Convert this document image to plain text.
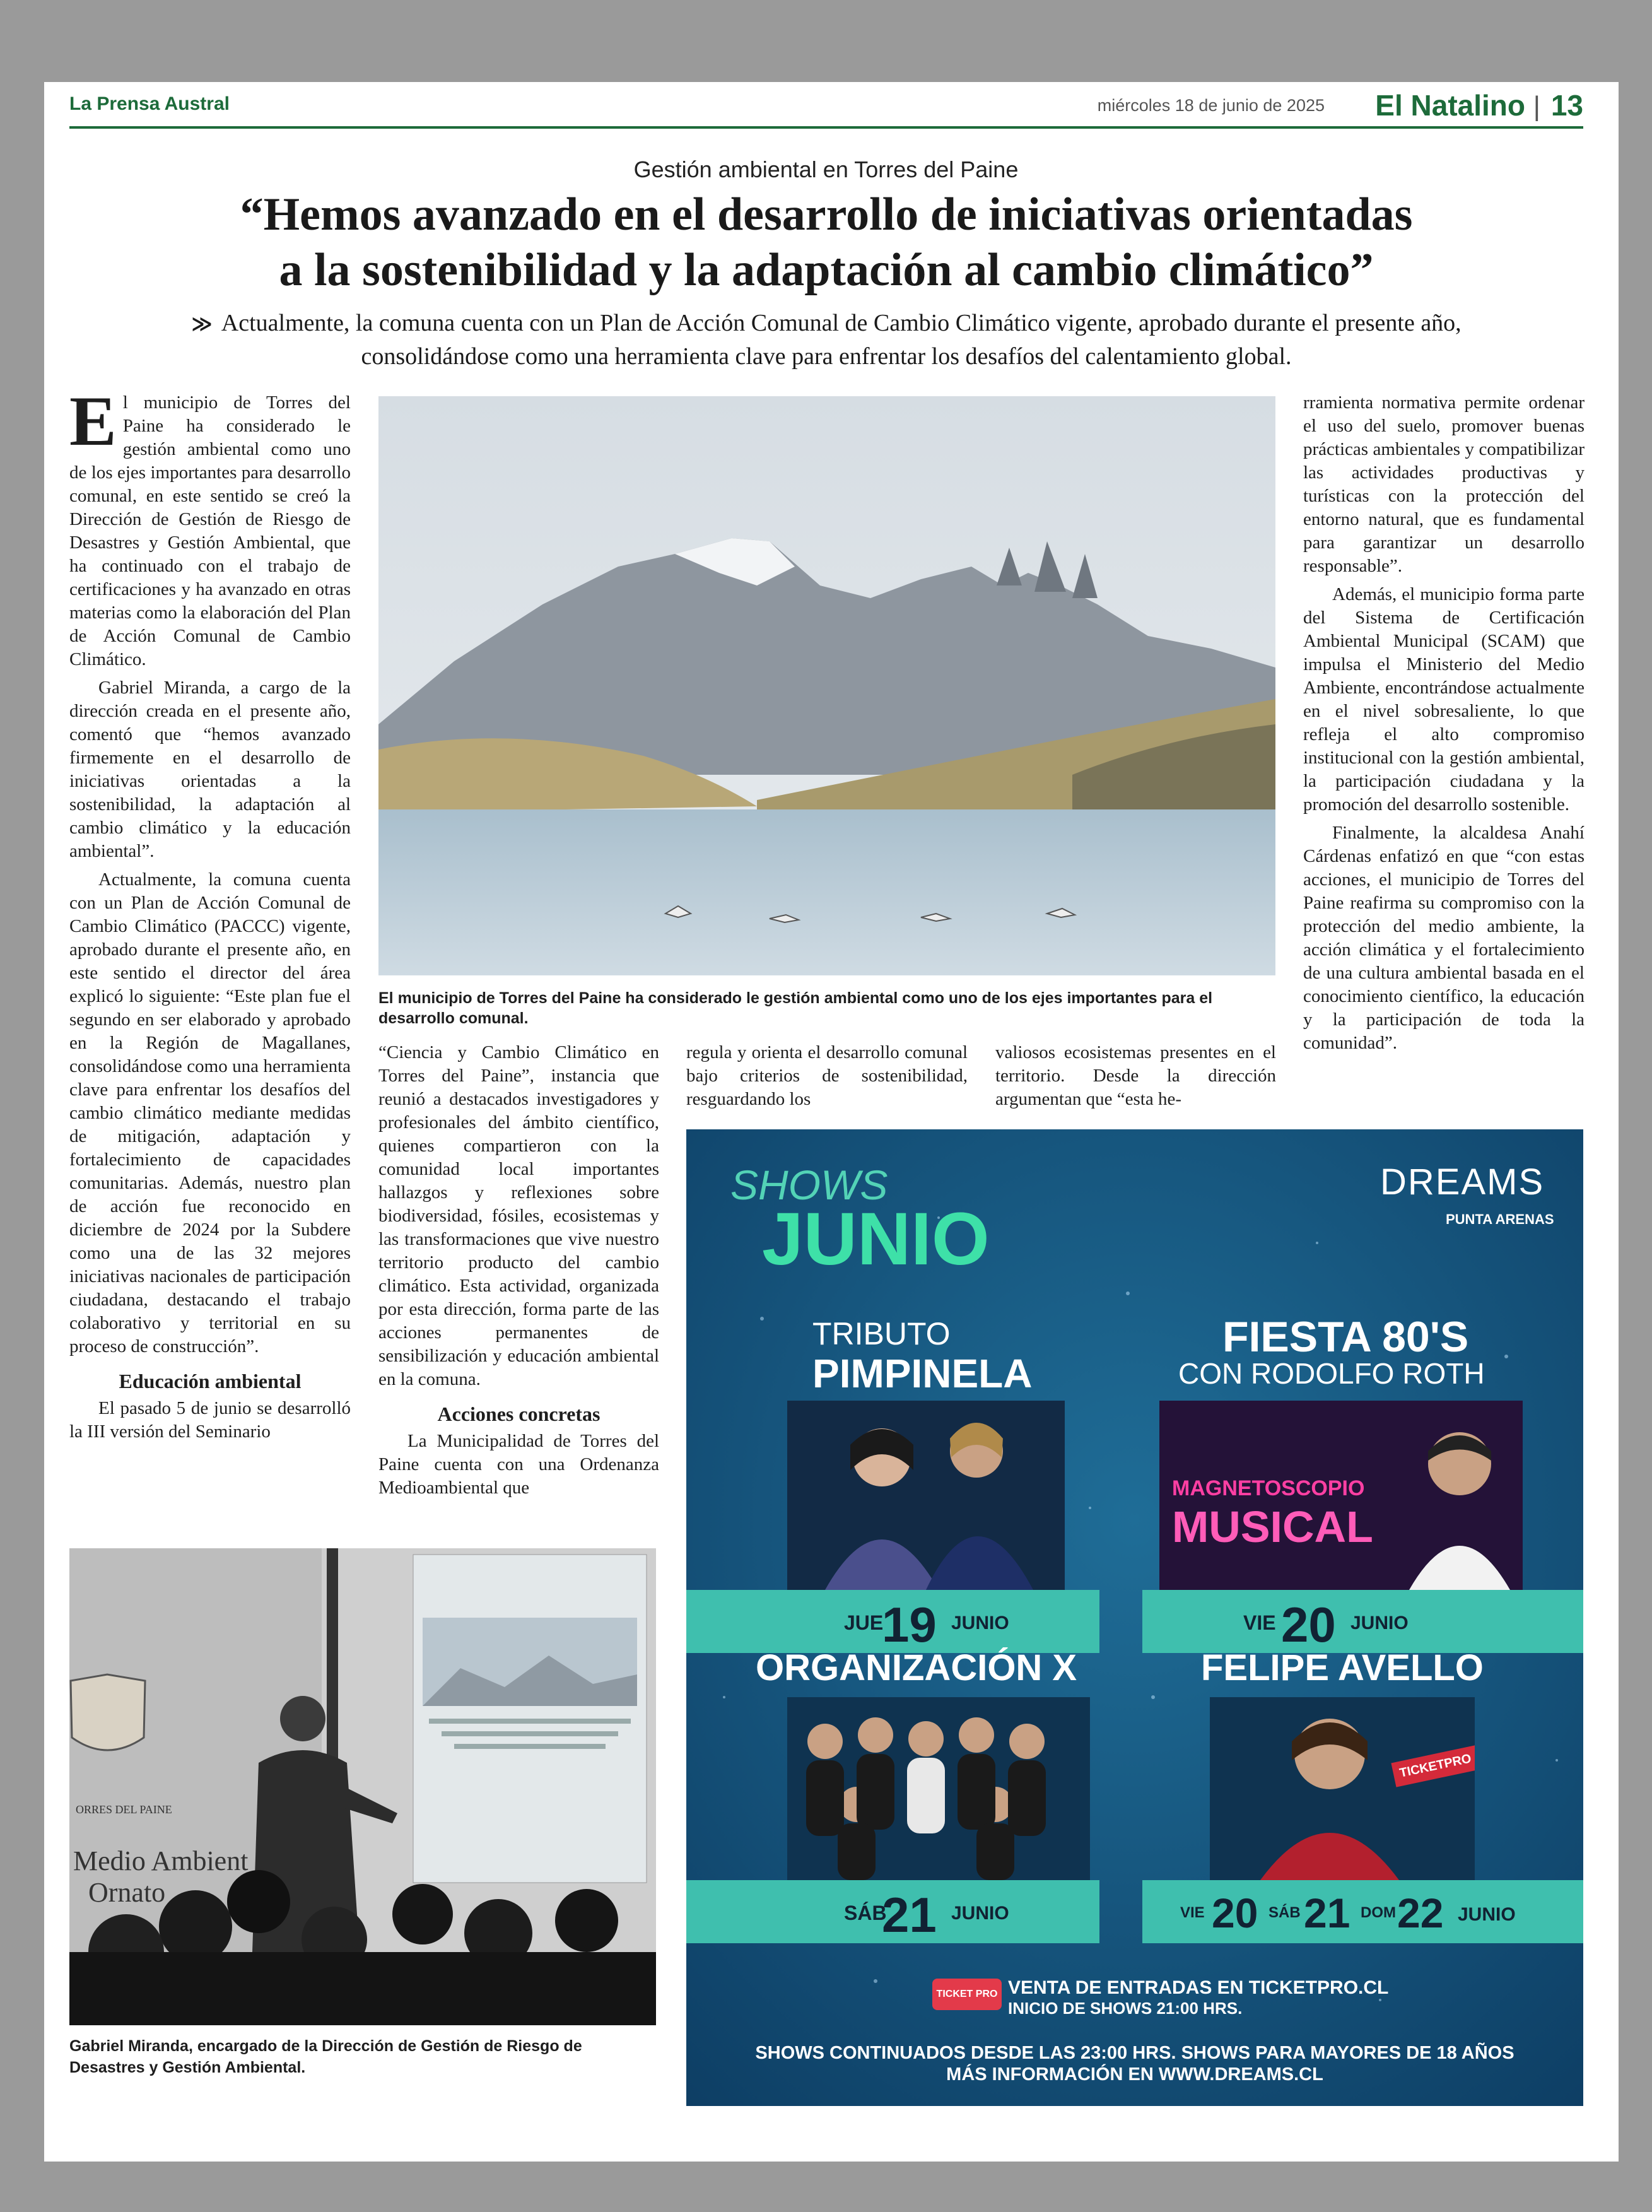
La Prensa Austral	miércoles 18 de junio de 2025 El Natalino | 13
Gestión ambiental en Torres del Paine
“Hemos avanzado en el desarrollo de iniciativas orientadas
a la sostenibilidad y la adaptación al cambio climático”
≫ Actualmente, la comuna cuenta con un Plan de Acción Comunal de Cambio Climático vigente, aprobado durante el presente año, consolidándose como una herramienta clave para enfrentar los desafíos del calentamiento global.

El municipio de Torres del Paine ha considerado le gestión ambiental como uno de los ejes importantes para desarrollo comunal, en este sentido se creó la Dirección de Gestión de Riesgo de Desastres y Gestión Ambiental, que ha continuado con el trabajo de certificaciones y ha avanzado en otras materias como la elaboración del Plan de Acción Comunal de Cambio Climático.

Gabriel Miranda, a cargo de la dirección creada en el presente año, comentó que “hemos avanzado firmemente en el desarrollo de iniciativas orientadas a la sostenibilidad, la adaptación al cambio climático y la educación ambiental”.

Actualmente, la comuna cuenta con un Plan de Acción Comunal de Cambio Climático (PACCC) vigente, aprobado durante el presente año, en este sentido el director del área explicó lo siguiente: “Este plan fue el segundo en ser elaborado y aprobado en la Región de Magallanes, consolidándose como una herramienta clave para enfrentar los desafíos del cambio climático mediante medidas de mitigación, adaptación y fortalecimiento de capacidades comunitarias. Además, nuestro plan de acción fue reconocido en diciembre de 2024 por la Subdere como una de las 32 mejores iniciativas nacionales de participación ciudadana, destacando el trabajo colaborativo y territorial en su proceso de construcción”.

Educación ambiental

El pasado 5 de junio se desarrolló la III versión del Seminario

El municipio de Torres del Paine ha considerado le gestión ambiental como uno de los ejes importantes para el desarrollo comunal.

“Ciencia y Cambio Climático en Torres del Paine”, instancia que reunió a destacados investigadores y profesionales del ámbito científico, quienes compartieron con la comunidad local importantes hallazgos y reflexiones sobre biodiversidad, fósiles, ecosistemas y las transformaciones que vive nuestro territorio producto del cambio climático. Esta actividad, organizada por esta dirección, forma parte de las acciones permanentes de sensibilización y educación ambiental en la comuna.

Acciones concretas

La Municipalidad de Torres del Paine cuenta con una Ordenanza Medioambiental que

regula y orienta el desarrollo comunal bajo criterios de sostenibilidad, resguardando los

valiosos ecosistemas presentes en el territorio. Desde la dirección argumentan que “esta he-

rramienta normativa permite ordenar el uso del suelo, promover buenas prácticas ambientales y compatibilizar las actividades productivas y turísticas con la protección del entorno natural, que es fundamental para garantizar un desarrollo responsable”.

Además, el municipio forma parte del Sistema de Certificación Ambiental Municipal (SCAM) que impulsa el Ministerio del Medio Ambiente, encontrándose actualmente en el nivel sobresaliente, lo que refleja el alto compromiso institucional con la gestión ambiental, la participación ciudadana y la promoción del desarrollo sostenible.

Finalmente, la alcaldesa Anahí Cárdenas enfatizó en que “con estas acciones, el municipio de Torres del Paine reafirma su compromiso con la protección del medio ambiente, la acción climática y el fortalecimiento de una cultura ambiental basada en el conocimiento científico, la educación y la participación de toda la comunidad”.

ORRES DEL PAINE
Medio Ambient
Ornato
Gabriel Miranda, encargado de la Dirección de Gestión de Riesgo de Desastres y Gestión Ambiental.
SHOWS
JUNIO
DREAMS
PUNTA ARENAS
TRIBUTO
PIMPINELA
JUE
19 JUNIO
FIESTA 80'S
CON RODOLFO ROTH
MAGNETOSCOPIO
MUSICAL
VIE 20 JUNIO
ORGANIZACIÓN X
SÁB
21 JUNIO
FELIPE AVELLO
TICKETPRO
VIE 20 SÁB 21 DOM 22 JUNIO
TICKET PRO VENTA DE ENTRADAS EN TICKETPRO.CL
INICIO DE SHOWS 21:00 HRS.
SHOWS CONTINUADOS DESDE LAS 23:00 HRS. SHOWS PARA MAYORES DE 18 AÑOS
MÁS INFORMACIÓN EN WWW.DREAMS.CL
